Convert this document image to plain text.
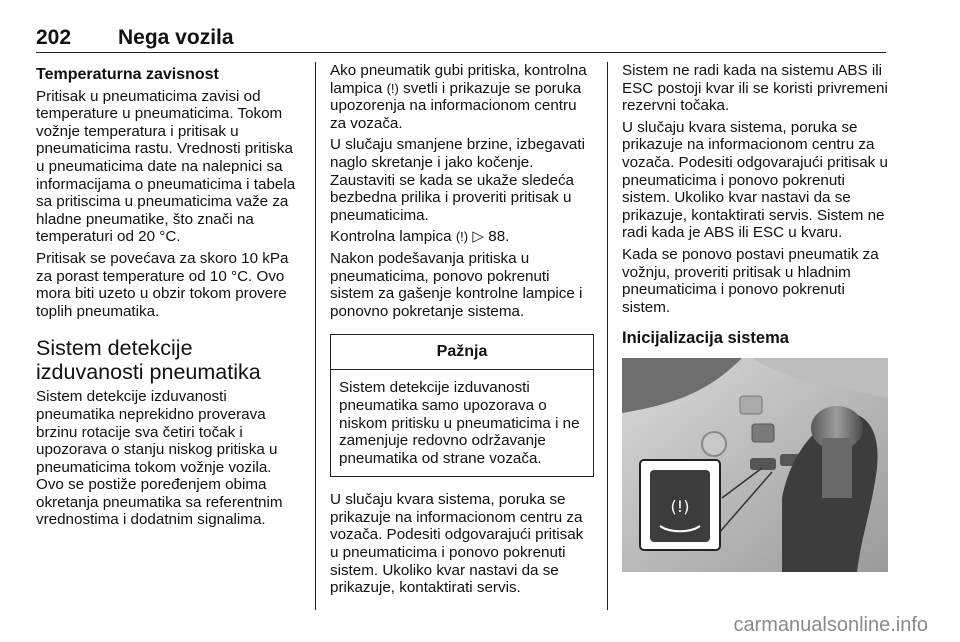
202 Nega vozila
Temperaturna zavisnost

Pritisak u pneumaticima zavisi od temperature u pneumaticima. Tokom vožnje temperatura i pritisak u pneumaticima rastu. Vrednosti pritiska u pneumaticima date na nalepnici sa informacijama o pneumaticima i tabela sa pritiscima u pneumaticima važe za hladne pneumatike, što znači na temperaturi od 20 °C.

Pritisak se povećava za skoro 10 kPa za porast temperature od 10 °C. Ovo mora biti uzeto u obzir tokom provere toplih pneumatika.

Sistem detekcije izduvanosti pneumatika

Sistem detekcije izduvanosti pneumatika neprekidno proverava brzinu rotacije sva četiri točak i upozorava o stanju niskog pritiska u pneumaticima tokom vožnje vozila. Ovo se postiže poređenjem obima okretanja pneumatika sa referentnim vrednostima i dodatnim signalima.

Ako pneumatik gubi pritiska, kontrolna lampica (!) svetli i prikazuje se poruka upozorenja na informacionom centru za vozača.

U slučaju smanjene brzine, izbegavati naglo skretanje i jako kočenje. Zaustaviti se kada se ukaže sledeća bezbedna prilika i proveriti pritisak u pneumaticima.

Kontrolna lampica (!) ▷ 88.

Nakon podešavanja pritiska u pneumaticima, ponovo pokrenuti sistem za gašenje kontrolne lampice i ponovno pokretanje sistema.

Pažnja
Sistem detekcije izduvanosti pneumatika samo upozorava o niskom pritisku u pneumaticima i ne zamenjuje redovno održavanje pneumatika od strane vozača.

U slučaju kvara sistema, poruka se prikazuje na informacionom centru za vozača. Podesiti odgovarajući pritisak u pneumaticima i ponovo pokrenuti sistem. Ukoliko kvar nastavi da se prikazuje, kontaktirati servis.

Sistem ne radi kada na sistemu ABS ili ESC postoji kvar ili se koristi privremeni rezervni točaka.

U slučaju kvara sistema, poruka se prikazuje na informacionom centru za vozača. Podesiti odgovarajući pritisak u pneumaticima i ponovo pokrenuti sistem. Ukoliko kvar nastavi da se prikazuje, kontaktirati servis. Sistem ne radi kada je ABS ili ESC u kvaru.

Kada se ponovo postavi pneumatik za vožnju, proveriti pritisak u hladnim pneumaticima i ponovo pokrenuti sistem.

Inicijalizacija sistema
(!)
carmanualsonline.info
